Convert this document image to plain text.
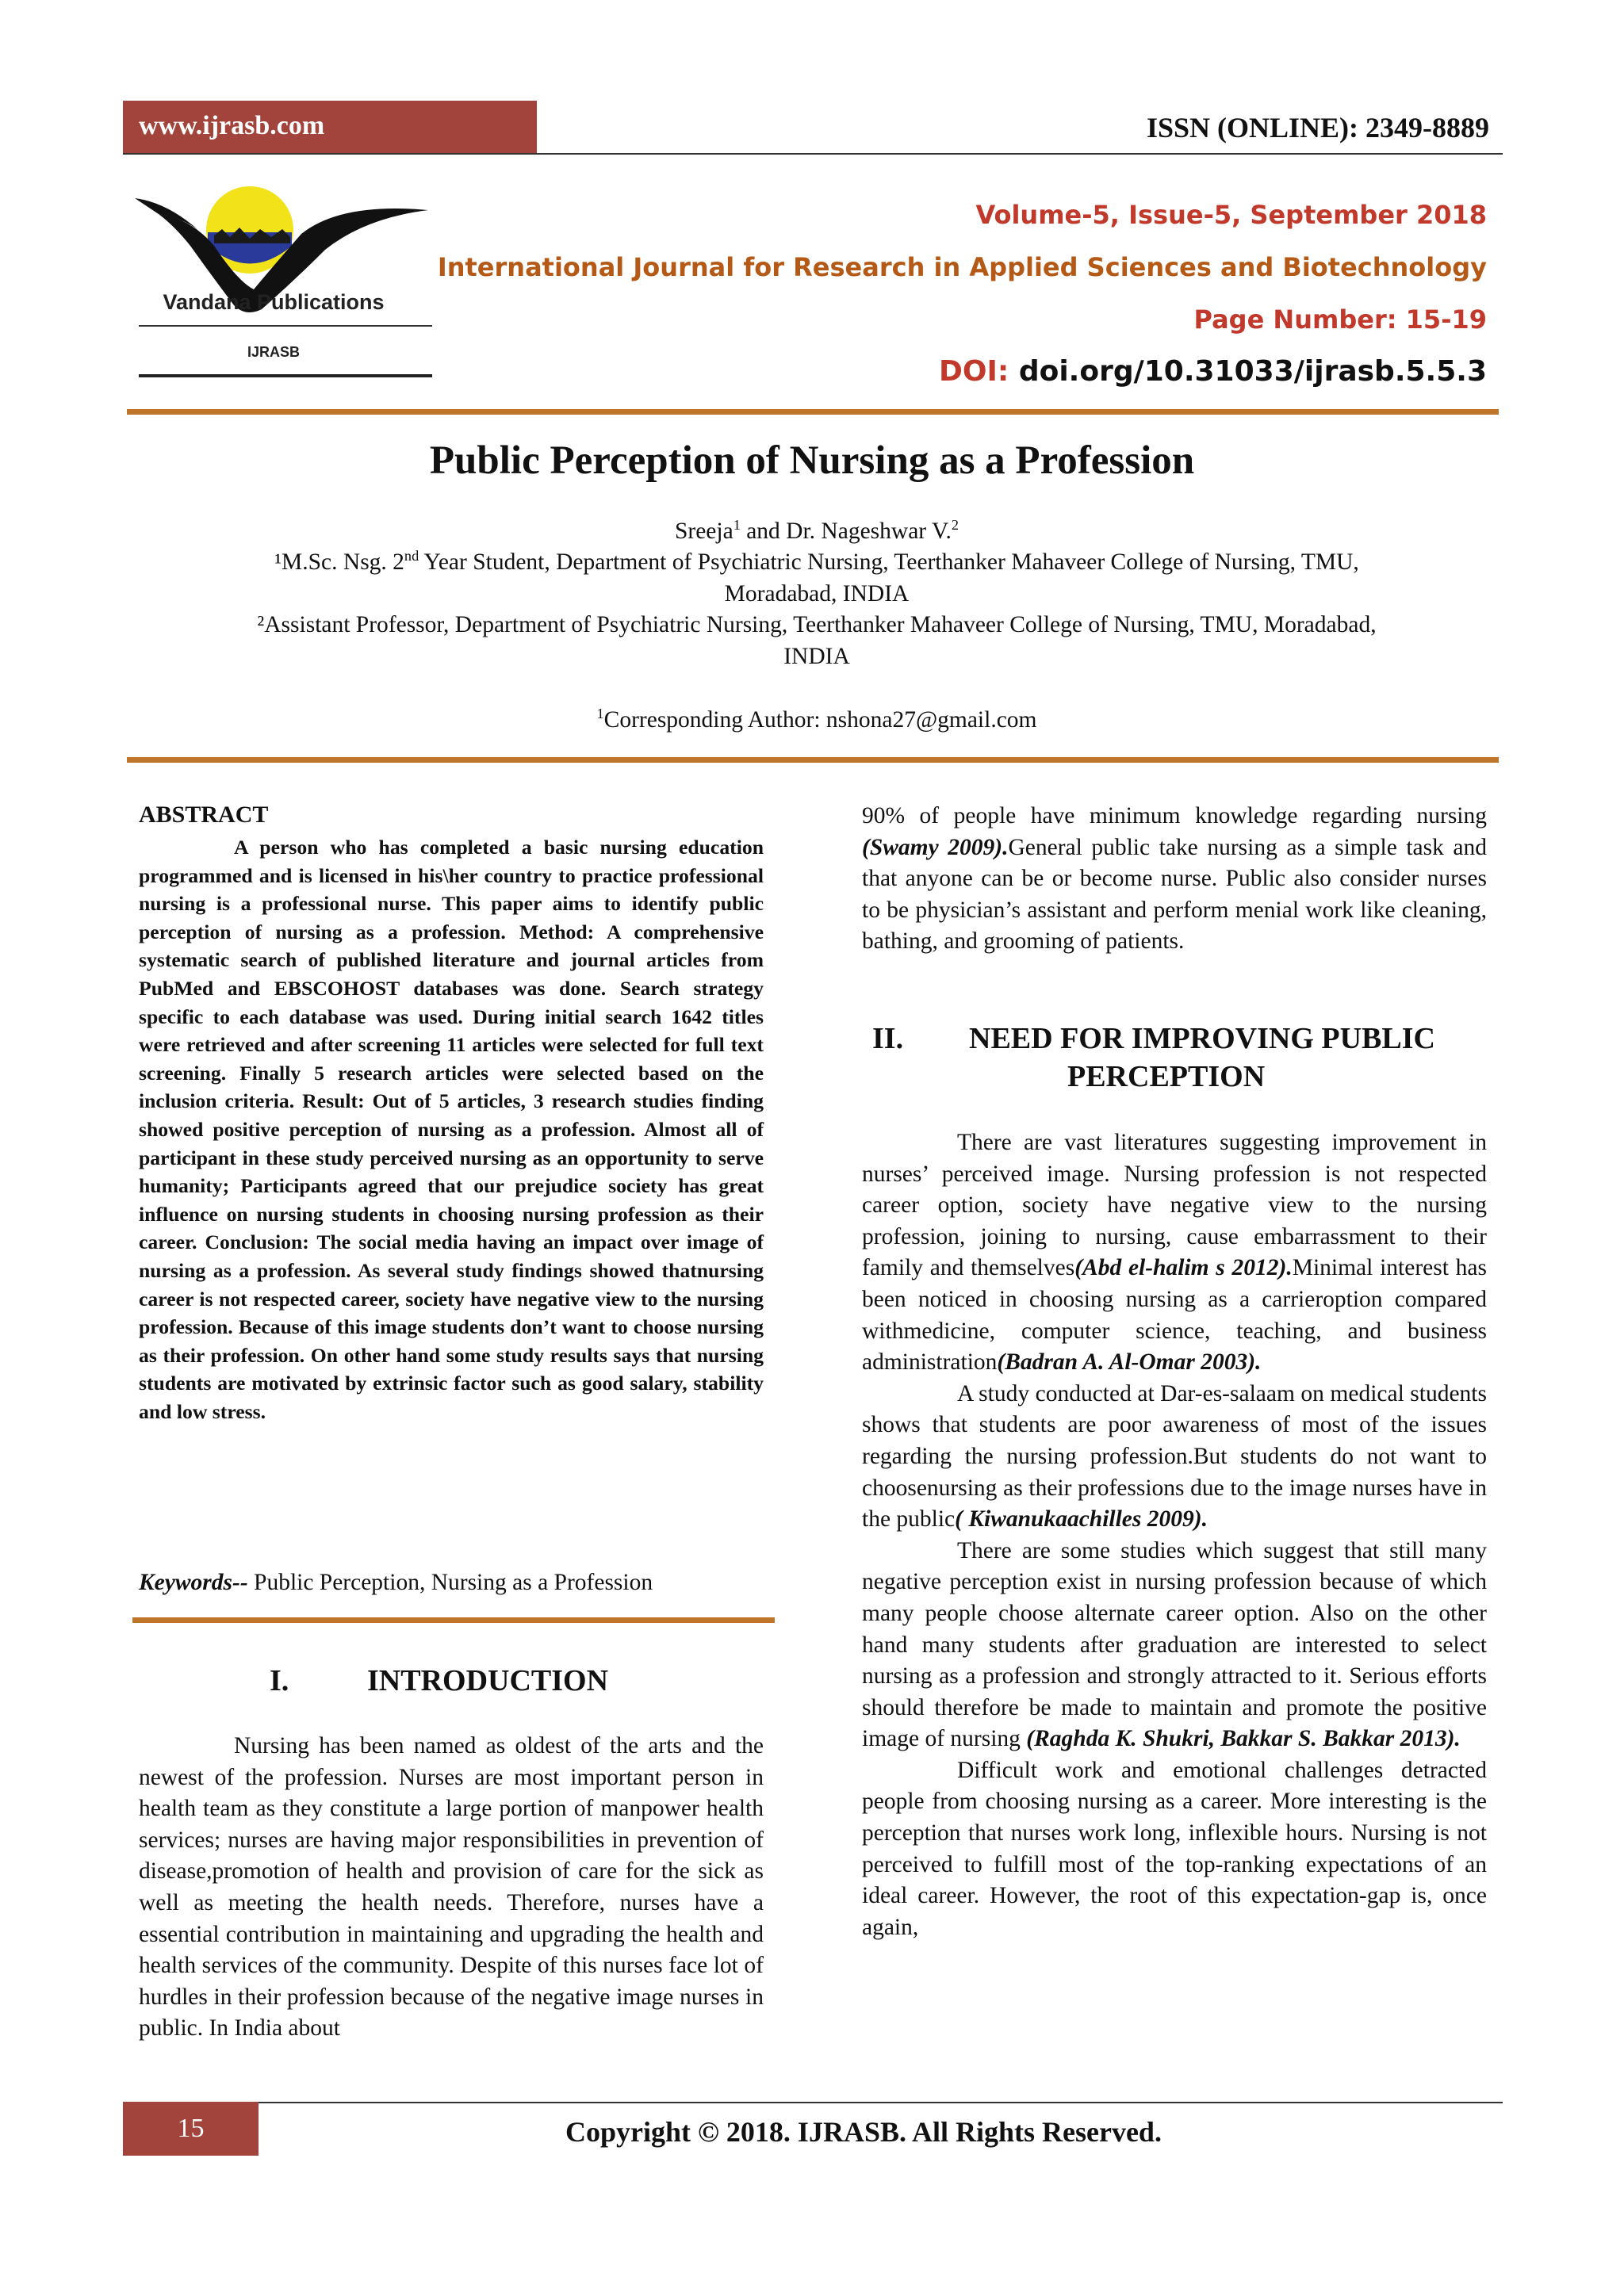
www.ijrasb.com	ISSN (ONLINE): 2349-8889
Vandana Publications
IJRASB
Volume-5, Issue-5, September 2018
International Journal for Research in Applied Sciences and Biotechnology
Page Number: 15-19
DOI: doi.org/10.31033/ijrasb.5.5.3
Public Perception of Nursing as a Profession
Sreeja$^1$ and Dr. Nageshwar V.$^2$
¹M.Sc. Nsg. 2nd Year Student, Department of Psychiatric Nursing, Teerthanker Mahaveer College of Nursing, TMU,
Moradabad, INDIA
²Assistant Professor, Department of Psychiatric Nursing, Teerthanker Mahaveer College of Nursing, TMU, Moradabad,
INDIA
$^1$Corresponding Author: nshona27@gmail.com
ABSTRACT
A person who has completed a basic nursing education programmed and is licensed in his\her country to practice professional nursing is a professional nurse. This paper aims to identify public perception of nursing as a profession. Method: A comprehensive systematic search of published literature and journal articles from PubMed and EBSCOHOST databases was done. Search strategy specific to each database was used. During initial search 1642 titles were retrieved and after screening 11 articles were selected for full text screening. Finally 5 research articles were selected based on the inclusion criteria. Result: Out of 5 articles, 3 research studies finding showed positive perception of nursing as a profession. Almost all of participant in these study perceived nursing as an opportunity to serve humanity; Participants agreed that our prejudice society has great influence on nursing students in choosing nursing profession as their career. Conclusion: The social media having an impact over image of nursing as a profession. As several study findings showed thatnursing career is not respected career, society have negative view to the nursing profession. Because of this image students don’t want to choose nursing as their profession. On other hand some study results says that nursing students are motivated by extrinsic factor such as good salary, stability and low stress.
Keywords-- Public Perception, Nursing as a Profession
I.	INTRODUCTION

Nursing has been named as oldest of the arts and the newest of the profession. Nurses are most important person in health team as they constitute a large portion of manpower health services; nurses are having major responsibilities in prevention of disease,promotion of health and provision of care for the sick as well as meeting the health needs. Therefore, nurses have a essential contribution in maintaining and upgrading the health and health services of the community. Despite of this nurses face lot of hurdles in their profession because of the negative image nurses in public. In India about

90% of people have minimum knowledge regarding nursing (Swamy 2009).General public take nursing as a simple task and that anyone can be or become nurse. Public also consider nurses to be physician’s assistant and perform menial work like cleaning, bathing, and grooming of patients.

II. NEED FOR IMPROVING PUBLIC
PERCEPTION

There are vast literatures suggesting improvement in nurses’ perceived image. Nursing profession is not respected career option, society have negative view to the nursing profession, joining to nursing, cause embarrassment to their family and themselves(Abd el-halim s 2012).Minimal interest has been noticed in choosing nursing as a carrieroption compared withmedicine, computer science, teaching, and business administration(Badran A. Al-Omar 2003).

A study conducted at Dar-es-salaam on medical students shows that students are poor awareness of most of the issues regarding the nursing profession.But students do not want to choosenursing as their professions due to the image nurses have in the public( Kiwanukaachilles 2009).

There are some studies which suggest that still many negative perception exist in nursing profession because of which many people choose alternate career option. Also on the other hand many students after graduation are interested to select nursing as a profession and strongly attracted to it. Serious efforts should therefore be made to maintain and promote the positive image of nursing (Raghda K. Shukri, Bakkar S. Bakkar 2013).

Difficult work and emotional challenges detracted people from choosing nursing as a career. More interesting is the perception that nurses work long, inflexible hours. Nursing is not perceived to fulfill most of the top-ranking expectations of an ideal career. However, the root of this expectation-gap is, once again,

15	Copyright © 2018. IJRASB. All Rights Reserved.
